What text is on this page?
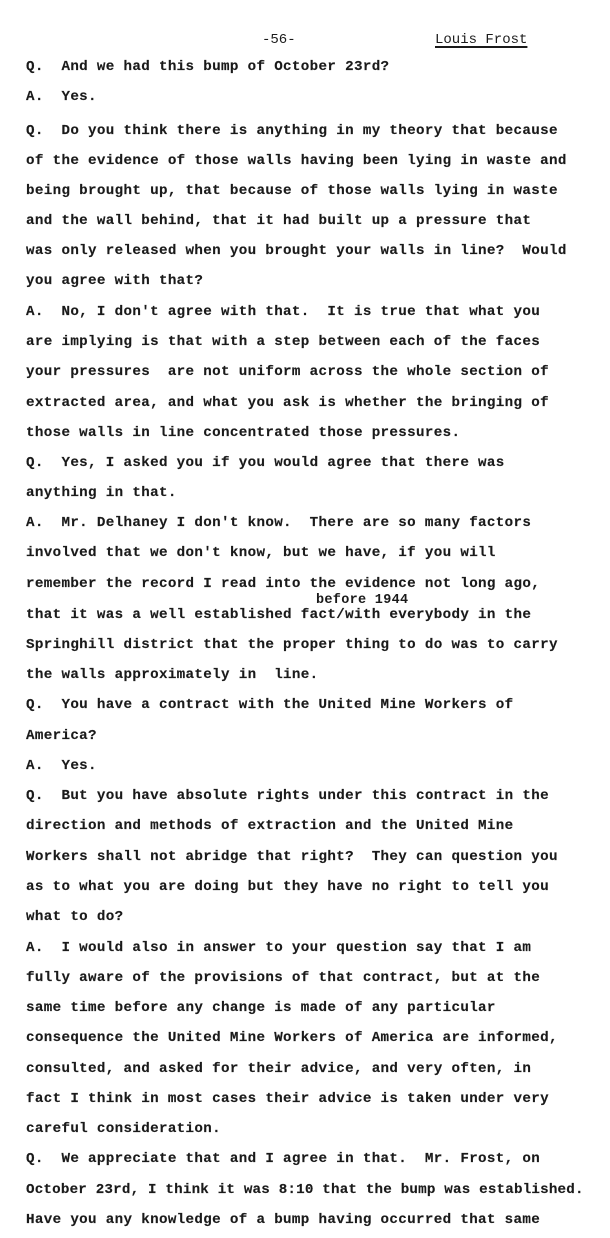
-56-	Louis Frost
Q.  And we had this bump of October 23rd?
A.  Yes.
Q.  Do you think there is anything in my theory that because
of the evidence of those walls having been lying in waste and
being brought up, that because of those walls lying in waste
and the wall behind, that it had built up a pressure that
was only released when you brought your walls in line?  Would
you agree with that?
A.  No, I don't agree with that.  It is true that what you
are implying is that with a step between each of the faces
your pressures  are not uniform across the whole section of
extracted area, and what you ask is whether the bringing of
those walls in line concentrated those pressures.
Q.  Yes, I asked you if you would agree that there was
anything in that.
A.  Mr. Delhaney I don't know.  There are so many factors
involved that we don't know, but we have, if you will
remember the record I read into the evidence not long ago,
before 1944
that it was a well established fact/with everybody in the
Springhill district that the proper thing to do was to carry
the walls approximately in  line.
Q.  You have a contract with the United Mine Workers of
America?
A.  Yes.
Q.  But you have absolute rights under this contract in the
direction and methods of extraction and the United Mine
Workers shall not abridge that right?  They can question you
as to what you are doing but they have no right to tell you
what to do?
A.  I would also in answer to your question say that I am
fully aware of the provisions of that contract, but at the
same time before any change is made of any particular
consequence the United Mine Workers of America are informed,
consulted, and asked for their advice, and very often, in
fact I think in most cases their advice is taken under very
careful consideration.
Q.  We appreciate that and I agree in that.  Mr. Frost, on
October 23rd, I think it was 8:10 that the bump was established.
Have you any knowledge of a bump having occurred that same
